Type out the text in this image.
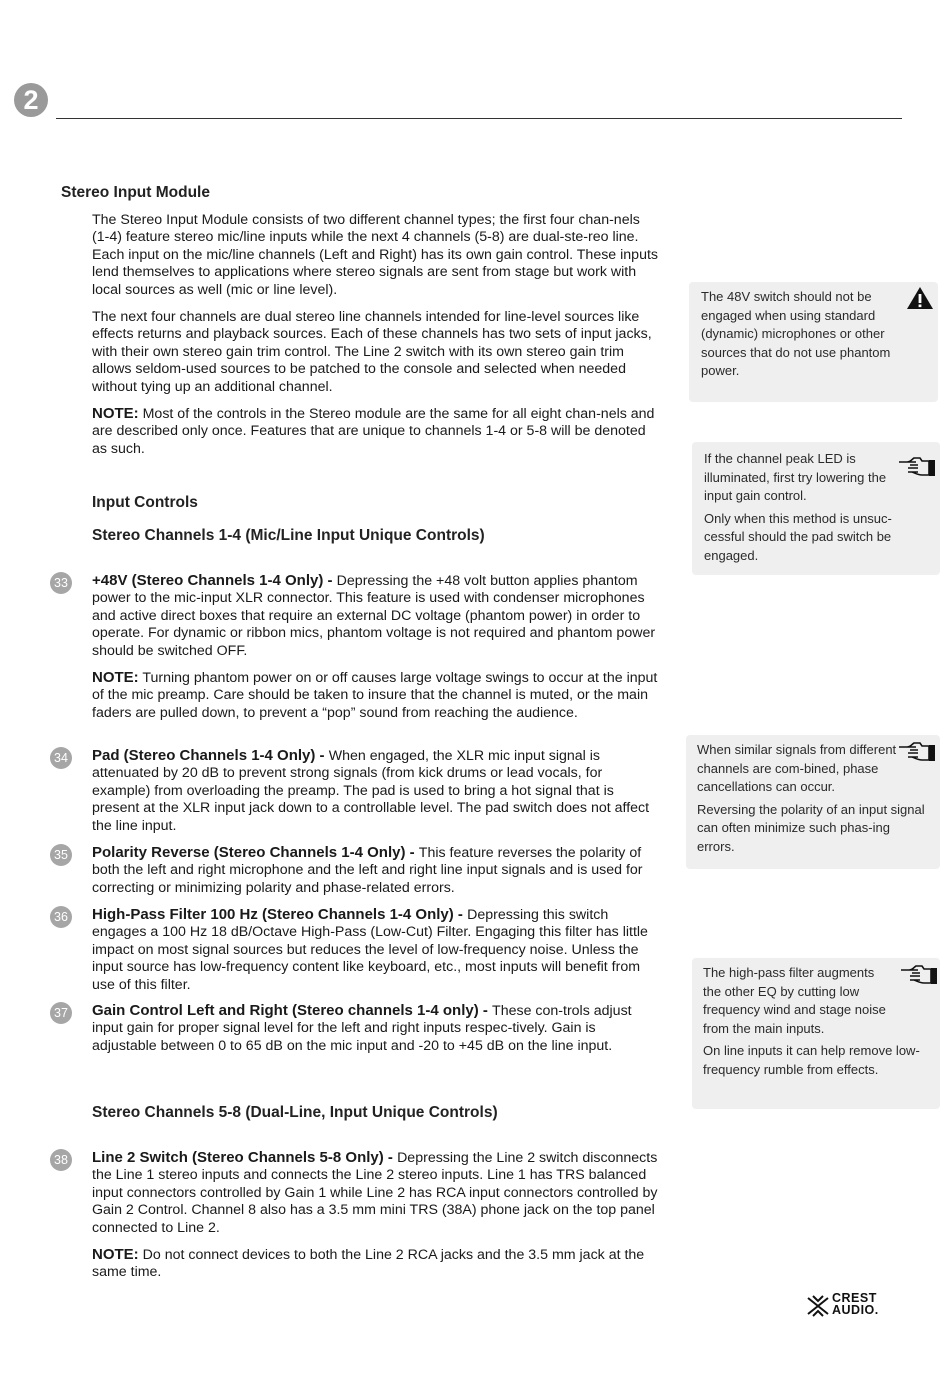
2
Stereo Input Module

The Stereo Input Module consists of two different channel types; the first four chan-nels (1-4) feature stereo mic/line inputs while the next 4 channels (5-8) are dual-ste-reo line. Each input on the mic/line channels (Left and Right) has its own gain control. These inputs lend themselves to applications where stereo signals are sent from stage but work with local sources as well (mic or line level).

The next four channels are dual stereo line channels intended for line-level sources like effects returns and playback sources. Each of these channels has two sets of input jacks, with their own stereo gain trim control. The Line 2 switch with its own stereo gain trim allows seldom-used sources to be patched to the console and selected when needed without tying up an additional channel.

NOTE: Most of the controls in the Stereo module are the same for all eight chan-nels and are described only once. Features that are unique to channels 1-4 or 5-8 will be denoted as such.

Input Controls
Stereo Channels 1-4 (Mic/Line Input Unique Controls)
33 +48V (Stereo Channels 1-4 Only) - Depressing the +48 volt button applies phantom power to the mic-input XLR connector. This feature is used with condenser microphones and active direct boxes that require an external DC voltage (phantom power) in order to operate. For dynamic or ribbon mics, phantom voltage is not required and phantom power should be switched OFF.

NOTE: Turning phantom power on or off causes large voltage swings to occur at the input of the mic preamp. Care should be taken to insure that the channel is muted, or the main faders are pulled down, to prevent a “pop” sound from reaching the audience.

34 Pad (Stereo Channels 1-4 Only) - When engaged, the XLR mic input signal is attenuated by 20 dB to prevent strong signals (from kick drums or lead vocals, for example) from overloading the preamp. The pad is used to bring a hot signal that is present at the XLR input jack down to a controllable level. The pad switch does not affect the line input.

35 Polarity Reverse (Stereo Channels 1-4 Only) - This feature reverses the polarity of both the left and right microphone and the left and right line input signals and is used for correcting or minimizing polarity and phase-related errors.

36 High-Pass Filter 100 Hz (Stereo Channels 1-4 Only) - Depressing this switch engages a 100 Hz 18 dB/Octave High-Pass (Low-Cut) Filter. Engaging this filter has little impact on most signal sources but reduces the level of low-frequency noise. Unless the input source has low-frequency content like keyboard, etc., most inputs will benefit from use of this filter.

37 Gain Control Left and Right (Stereo channels 1-4 only) - These con-trols adjust input gain for proper signal level for the left and right inputs respec-tively. Gain is adjustable between 0 to 65 dB on the mic input and -20 to +45 dB on the line input.

Stereo Channels 5-8 (Dual-Line, Input Unique Controls)
38 Line 2 Switch (Stereo Channels 5-8 Only) - Depressing the Line 2 switch disconnects the Line 1 stereo inputs and connects the Line 2 stereo inputs. Line 1 has TRS balanced input connectors controlled by Gain 1 while Line 2 has RCA input connectors controlled by Gain 2 Control. Channel 8 also has a 3.5 mm mini TRS (38A) phone jack on the top panel connected to Line 2.

NOTE: Do not connect devices to both the Line 2 RCA jacks and the 3.5 mm jack at the same time.

The 48V switch should not be engaged when using standard (dynamic) microphones or other sources that do not use phantom power.

If the channel peak LED is illuminated, first try lowering the input gain control.

Only when this method is unsuc-cessful should the pad switch be engaged.

When similar signals from different channels are com-bined, phase cancellations can occur.

Reversing the polarity of an input signal can often minimize such phas-ing errors.

The high-pass filter augments the other EQ by cutting low frequency wind and stage noise from the main inputs.

On line inputs it can help remove low-frequency rumble from effects.

CREST
AUDIO.
